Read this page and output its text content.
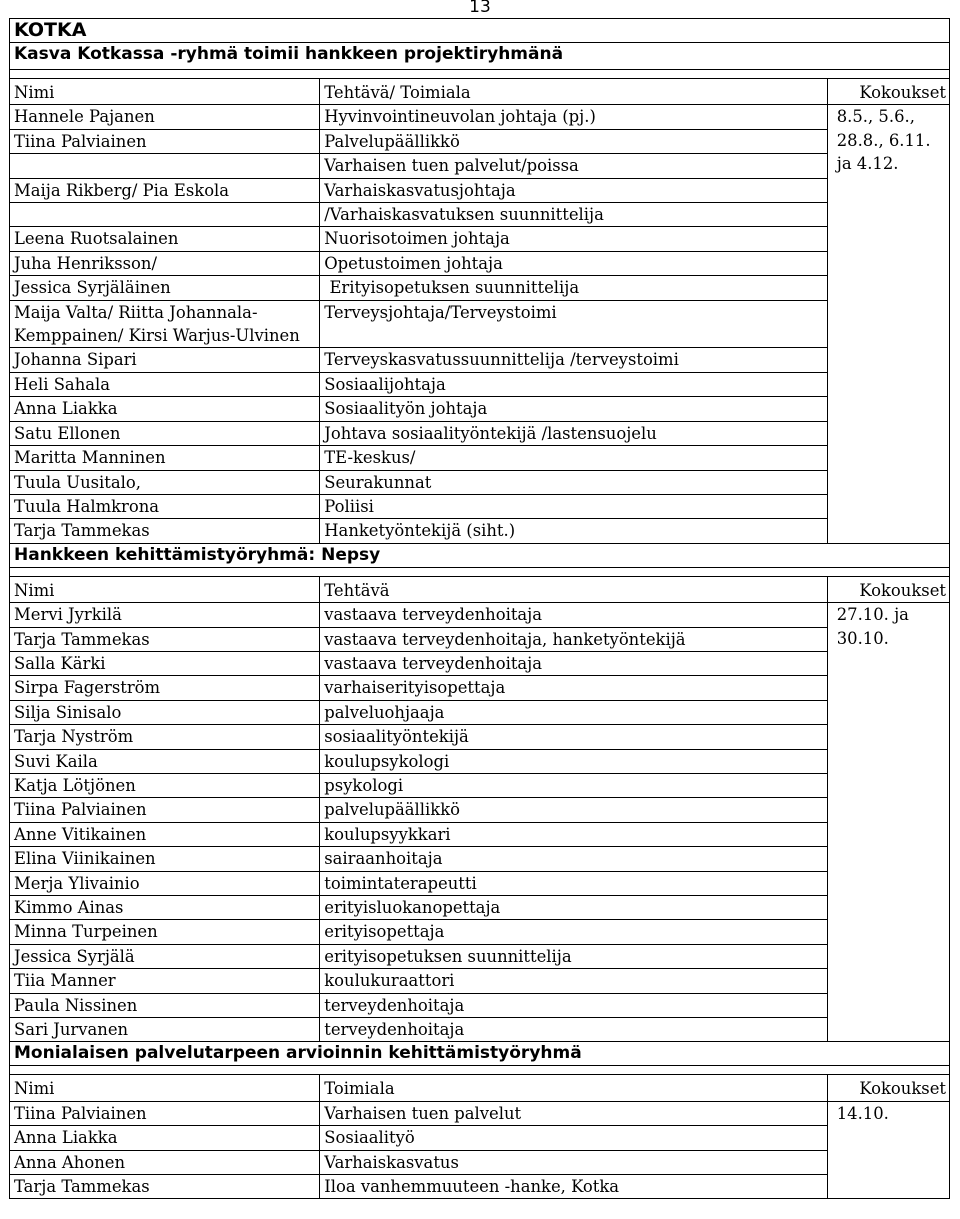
13
KOTKA		
Kasva Kotkassa -ryhmä toimii hankkeen projektiryhmänä		

Nimi	Tehtävä/ Toimiala	Kokoukset
Hannele Pajanen	Hyvinvointineuvolan johtaja (pj.)	8.5., 5.6.,
28.8., 6.11.
ja 4.12.

Tiina Palviainen	Palvelupäällikkö	
	Varhaisen tuen palvelut/poissa	
Maija Rikberg/ Pia Eskola	Varhaiskasvatusjohtaja	
	/Varhaiskasvatuksen suunnittelija	
Leena Ruotsalainen	Nuorisotoimen johtaja	
Juha Henriksson/	Opetustoimen johtaja	
Jessica Syrjäläinen	Erityisopetuksen suunnittelija	
Maija Valta/ Riitta Johannala-Kemppainen/ Kirsi Warjus-Ulvinen	Terveysjohtaja/Terveystoimi	
Johanna Sipari	Terveyskasvatussuunnittelija /terveystoimi	
Heli Sahala	Sosiaalijohtaja	
Anna Liakka	Sosiaalityön johtaja	
Satu Ellonen	Johtava sosiaalityöntekijä /lastensuojelu	
Maritta Manninen	TE-keskus/	
Tuula Uusitalo,	Seurakunnat	
Tuula Halmkrona	Poliisi	
Tarja Tammekas	Hanketyöntekijä (siht.)	
Hankkeen kehittämistyöryhmä: Nepsy		

Nimi	Tehtävä	Kokoukset
Mervi Jyrkilä	vastaava terveydenhoitaja	27.10. ja
30.10.

Tarja Tammekas	vastaava terveydenhoitaja, hanketyöntekijä	
Salla Kärki	vastaava terveydenhoitaja	
Sirpa Fagerström	varhaiserityisopettaja	
Silja Sinisalo	palveluohjaaja	
Tarja Nyström	sosiaalityöntekijä	
Suvi Kaila	koulupsykologi	
Katja Lötjönen	psykologi	
Tiina Palviainen	palvelupäällikkö	
Anne Vitikainen	koulupsyykkari	
Elina Viinikainen	sairaanhoitaja	
Merja Ylivainio	toimintaterapeutti	
Kimmo Ainas	erityisluokanopettaja	
Minna Turpeinen	erityisopettaja	
Jessica Syrjälä	erityisopetuksen suunnittelija	
Tiia Manner	koulukuraattori	
Paula Nissinen	terveydenhoitaja	
Sari Jurvanen	terveydenhoitaja	
Monialaisen palvelutarpeen arvioinnin kehittämistyöryhmä		

Nimi	Toimiala	Kokoukset
Tiina Palviainen	Varhaisen tuen palvelut	14.10.

Anna Liakka	Sosiaalityö	
Anna Ahonen	Varhaiskasvatus	
Tarja Tammekas	Iloa vanhemmuuteen -hanke, Kotka	
